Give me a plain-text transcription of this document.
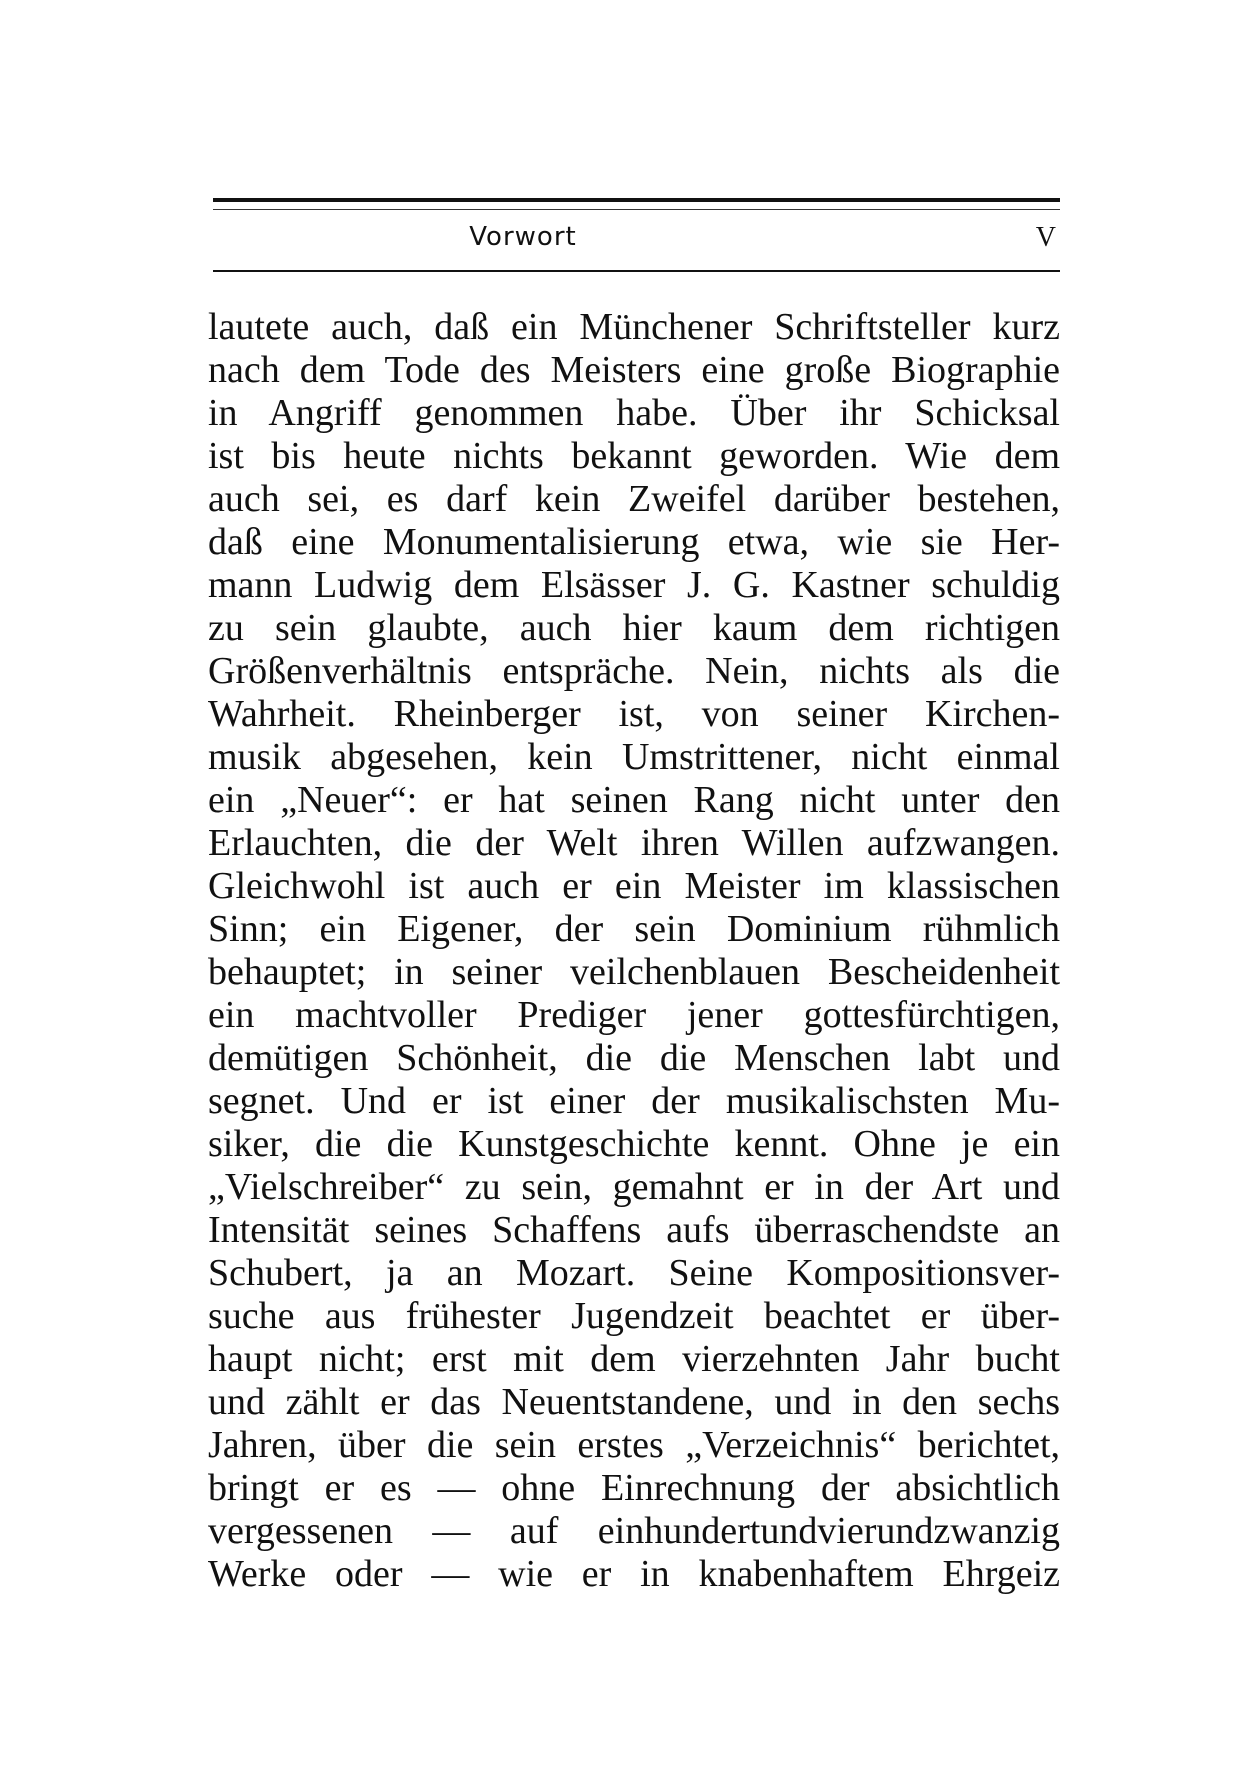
Vorwort	V
lautete auch, daß ein Münchener Schriftsteller kurz
nach dem Tode des Meisters eine große Biographie
in Angriff genommen habe. Über ihr Schicksal
ist bis heute nichts bekannt geworden. Wie dem
auch sei, es darf kein Zweifel darüber bestehen,
daß eine Monumentalisierung etwa, wie sie Her-
mann Ludwig dem Elsässer J. G. Kastner schuldig
zu sein glaubte, auch hier kaum dem richtigen
Größenverhältnis entspräche. Nein, nichts als die
Wahrheit. Rheinberger ist, von seiner Kirchen-
musik abgesehen, kein Umstrittener, nicht einmal
ein „Neuer“: er hat seinen Rang nicht unter den
Erlauchten, die der Welt ihren Willen aufzwangen.
Gleichwohl ist auch er ein Meister im klassischen
Sinn; ein Eigener, der sein Dominium rühmlich
behauptet; in seiner veilchenblauen Bescheidenheit
ein machtvoller Prediger jener gottesfürchtigen,
demütigen Schönheit, die die Menschen labt und
segnet. Und er ist einer der musikalischsten Mu-
siker, die die Kunstgeschichte kennt. Ohne je ein
„Vielschreiber“ zu sein, gemahnt er in der Art und
Intensität seines Schaffens aufs überraschendste an
Schubert, ja an Mozart. Seine Kompositionsver-
suche aus frühester Jugendzeit beachtet er über-
haupt nicht; erst mit dem vierzehnten Jahr bucht
und zählt er das Neuentstandene, und in den sechs
Jahren, über die sein erstes „Verzeichnis“ berichtet,
bringt er es — ohne Einrechnung der absichtlich
vergessenen — auf einhundertundvierundzwanzig
Werke oder — wie er in knabenhaftem Ehrgeiz
